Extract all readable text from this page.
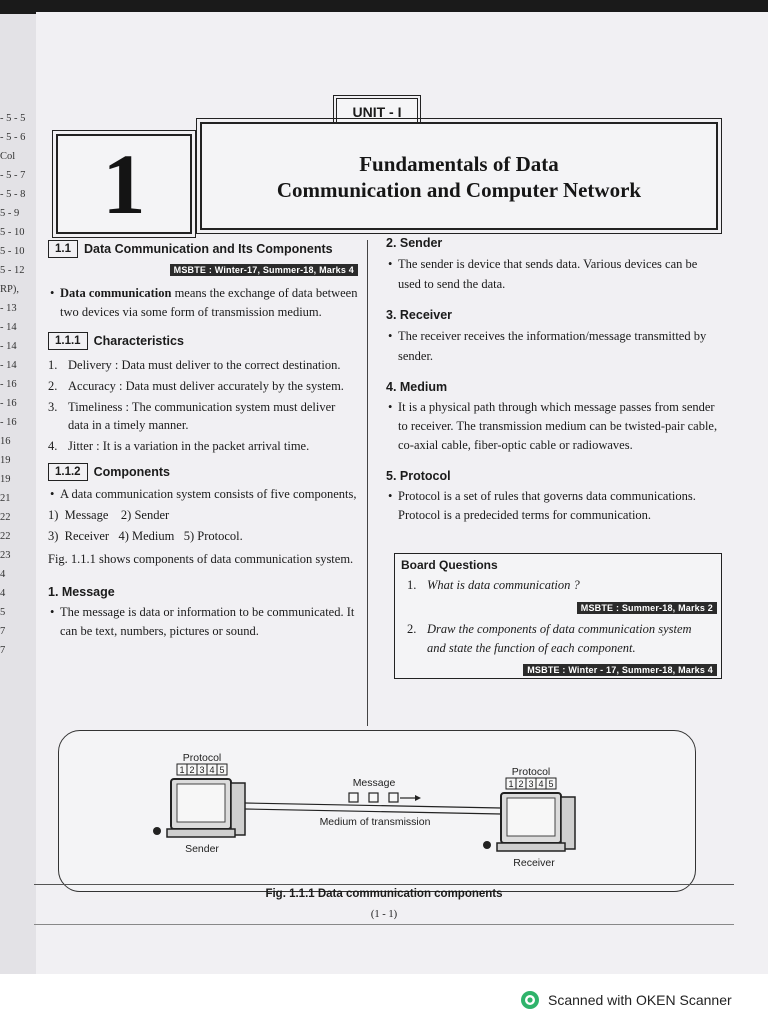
- 5 - 5
- 5 - 6
Col
- 5 - 7
- 5 - 8
5 - 9
5 - 10
5 - 10
5 - 12
RP),
- 13
- 14
- 14
- 14
- 16
- 16
- 16
16
19
19
21
22
22
23
4
4
5
7
7
UNIT - I
1	Fundamentals of Data
Communication and Computer Network
1.1	Data Communication and Its Components
MSBTE : Winter-17, Summer-18, Marks 4
• Data communication means the exchange of data between two devices via some form of transmission medium.
1.1.1	Characteristics
1. Delivery : Data must deliver to the correct destination.
2. Accuracy : Data must deliver accurately by the system.
3. Timeliness : The communication system must deliver data in a timely manner.
4. Jitter : It is a variation in the packet arrival time.
1.1.2	Components
• A data communication system consists of five components,
1)  Message    2) Sender
3)  Receiver   4) Medium   5) Protocol.
Fig. 1.1.1 shows components of data communication system.
1. Message
• The message is data or information to be communicated. It can be text, numbers, pictures or sound.
2. Sender
• The sender is device that sends data. Various devices can be used to send the data.
3. Receiver
• The receiver receives the information/message transmitted by sender.
4. Medium
• It is a physical path through which message passes from sender to receiver. The transmission medium can be twisted-pair cable, co-axial cable, fiber-optic cable or radiowaves.
5. Protocol
• Protocol is a set of rules that governs data communications. Protocol is a predecided terms for communication.
Board Questions
1. What is data communication ?
MSBTE : Summer-18, Marks 2
2. Draw the components of data communication system and state the function of each component.
MSBTE : Winter - 17, Summer-18, Marks 4
1 2 3 4 5
1 2 3 4 5
Protocol
Protocol
Message
Medium of transmission
Sender
Receiver
Fig. 1.1.1 Data communication components
(1 - 1)
Scanned with OKEN Scanner
